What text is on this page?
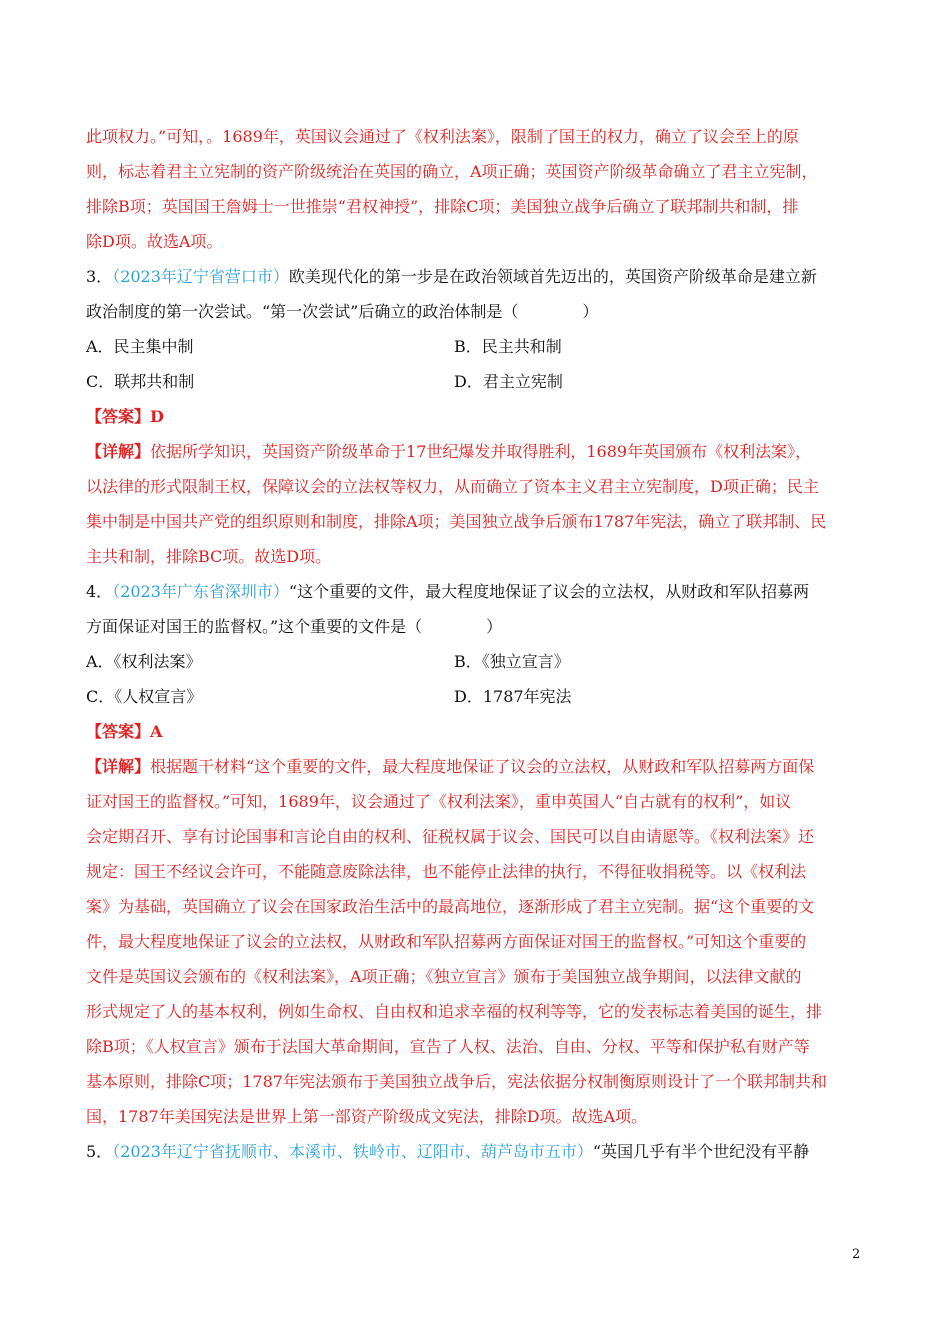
此项权力。”可知，。1689年，英国议会通过了《权利法案》，限制了国王的权力，确立了议会至上的原
则，标志着君主立宪制的资产阶级统治在英国的确立，A项正确；英国资产阶级革命确立了君主立宪制，
排除B项；英国国王詹姆士一世推崇“君权神授”，排除C项；美国独立战争后确立了联邦制共和制，排
除D项。故选A项。
3．（2023年辽宁省营口市）欧美现代化的第一步是在政治领域首先迈出的，英国资产阶级革命是建立新
政治制度的第一次尝试。“第一次尝试”后确立的政治体制是（　　　　）
A．民主集中制	B．民主共和制
C．联邦共和制	D．君主立宪制
【答案】D
【详解】依据所学知识，英国资产阶级革命于17世纪爆发并取得胜利，1689年英国颁布《权利法案》，
以法律的形式限制王权，保障议会的立法权等权力，从而确立了资本主义君主立宪制度，D项正确；民主
集中制是中国共产党的组织原则和制度，排除A项；美国独立战争后颁布1787年宪法，确立了联邦制、民
主共和制，排除BC项。故选D项。
4．（2023年广东省深圳市）“这个重要的文件，最大程度地保证了议会的立法权，从财政和军队招募两
方面保证对国王的监督权。”这个重要的文件是（　　　　）
A．《权利法案》	B．《独立宣言》
C．《人权宣言》	D．1787年宪法
【答案】A
【详解】根据题干材料“这个重要的文件，最大程度地保证了议会的立法权，从财政和军队招募两方面保
证对国王的监督权。”可知，1689年，议会通过了《权利法案》，重申英国人“自古就有的权利”，如议
会定期召开、享有讨论国事和言论自由的权利、征税权属于议会、国民可以自由请愿等。《权利法案》还
规定：国王不经议会许可，不能随意废除法律，也不能停止法律的执行，不得征收捐税等。以《权利法
案》为基础，英国确立了议会在国家政治生活中的最高地位，逐渐形成了君主立宪制。据“这个重要的文
件，最大程度地保证了议会的立法权，从财政和军队招募两方面保证对国王的监督权。”可知这个重要的
文件是英国议会颁布的《权利法案》，A项正确；《独立宣言》颁布于美国独立战争期间，以法律文献的
形式规定了人的基本权利，例如生命权、自由权和追求幸福的权利等等，它的发表标志着美国的诞生，排
除B项；《人权宣言》颁布于法国大革命期间，宣告了人权、法治、自由、分权、平等和保护私有财产等
基本原则，排除C项；1787年宪法颁布于美国独立战争后，宪法依据分权制衡原则设计了一个联邦制共和
国，1787年美国宪法是世界上第一部资产阶级成文宪法，排除D项。故选A项。
5．（2023年辽宁省抚顺市、本溪市、铁岭市、辽阳市、葫芦岛市五市）“英国几乎有半个世纪没有平静
2
